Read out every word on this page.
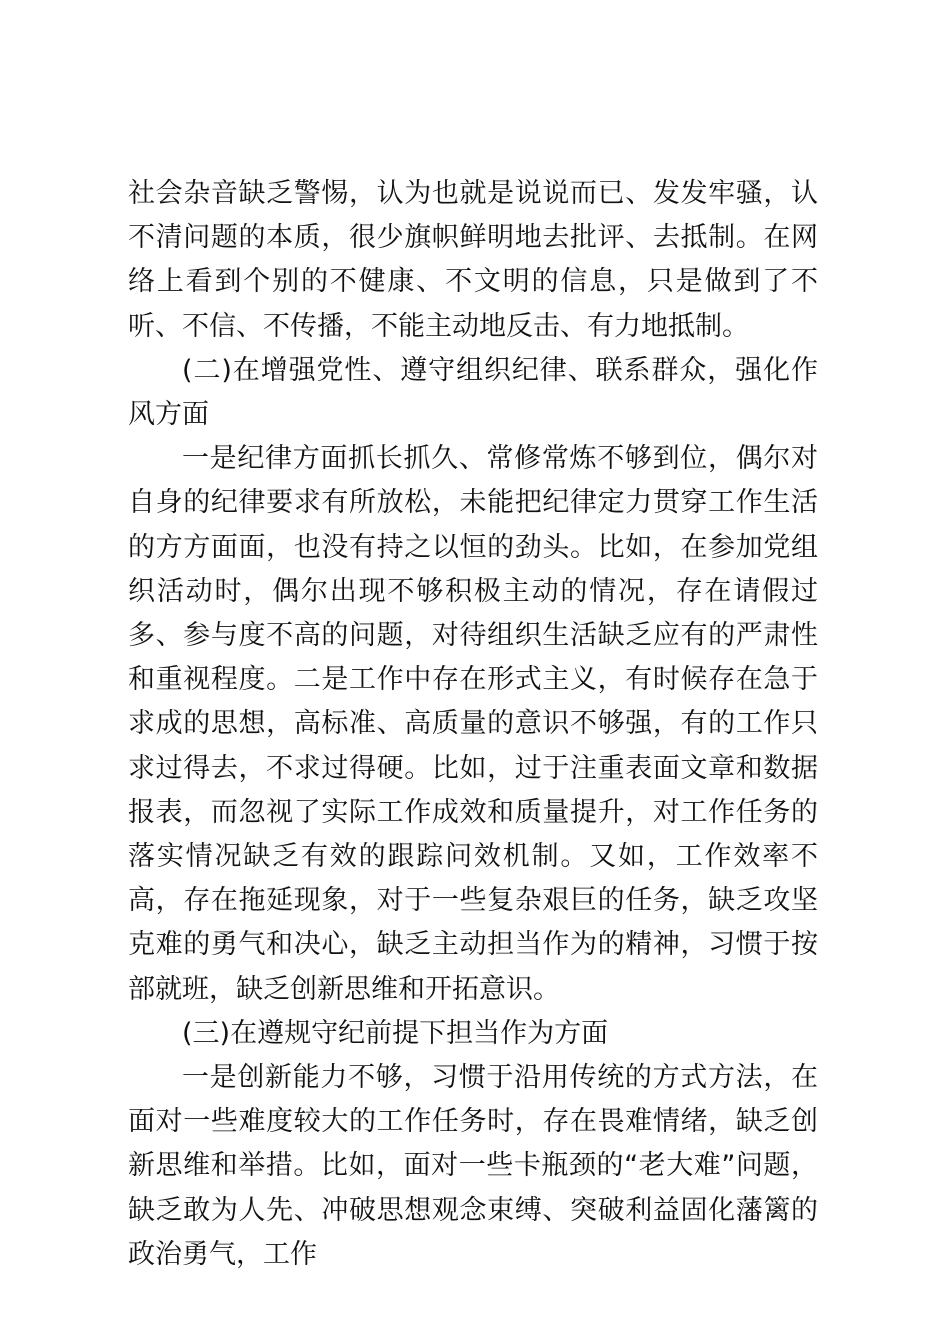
社会杂音缺乏警惕，认为也就是说说而已、发发牢骚，认不清问题的本质，很少旗帜鲜明地去批评、去抵制。在网络上看到个别的不健康、不文明的信息，只是做到了不听、不信、不传播，不能主动地反击、有力地抵制。

(二)在增强党性、遵守组织纪律、联系群众，强化作风方面

一是纪律方面抓长抓久、常修常炼不够到位，偶尔对自身的纪律要求有所放松，未能把纪律定力贯穿工作生活的方方面面，也没有持之以恒的劲头。比如，在参加党组织活动时，偶尔出现不够积极主动的情况，存在请假过多、参与度不高的问题，对待组织生活缺乏应有的严肃性和重视程度。二是工作中存在形式主义，有时候存在急于求成的思想，高标准、高质量的意识不够强，有的工作只求过得去，不求过得硬。比如，过于注重表面文章和数据报表，而忽视了实际工作成效和质量提升，对工作任务的落实情况缺乏有效的跟踪问效机制。又如，工作效率不高，存在拖延现象，对于一些复杂艰巨的任务，缺乏攻坚克难的勇气和决心，缺乏主动担当作为的精神，习惯于按部就班，缺乏创新思维和开拓意识。

(三)在遵规守纪前提下担当作为方面

一是创新能力不够，习惯于沿用传统的方式方法，在面对一些难度较大的工作任务时，存在畏难情绪，缺乏创新思维和举措。比如，面对一些卡瓶颈的“老大难”问题，缺乏敢为人先、冲破思想观念束缚、突破利益固化藩篱的政治勇气，工作
